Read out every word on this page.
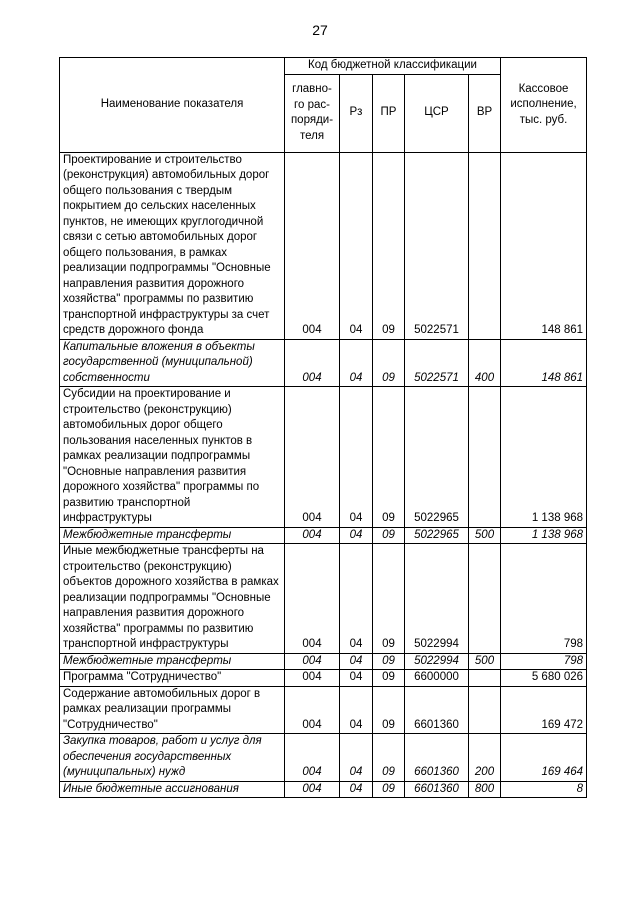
27
Наименование показателя	Код бюджетной классификации					Кассовое исполнение, тыс. руб.
	главно-го рас-поряди-теля	Рз	ПР	ЦСР	ВР	
Проектирование и строительство (реконструкция) автомобильных дорог общего пользования с твердым покрытием до сельских населенных пунктов, не имеющих круглогодичной связи с сетью автомобильных дорог общего пользования, в рамках реализации подпрограммы "Основные направления развития дорожного хозяйства" программы по развитию транспортной инфраструктуры за счет средств дорожного фонда	004	04	09	5022571		148 861
Капитальные вложения в объекты государственной (муниципальной) собственности	004	04	09	5022571	400	148 861
Субсидии на проектирование и строительство (реконструкцию) автомобильных дорог общего пользования населенных пунктов в рамках реализации подпрограммы "Основные направления развития дорожного хозяйства" программы по развитию транспортной инфраструктуры	004	04	09	5022965		1 138 968
Межбюджетные трансферты	004	04	09	5022965	500	1 138 968
Иные межбюджетные трансферты на строительство (реконструкцию) объектов дорожного хозяйства в рамках реализации подпрограммы "Основные направления развития дорожного хозяйства" программы по развитию транспортной инфраструктуры	004	04	09	5022994		798
Межбюджетные трансферты	004	04	09	5022994	500	798
Программа "Сотрудничество"	004	04	09	6600000		5 680 026
Содержание автомобильных дорог в рамках реализации программы "Сотрудничество"	004	04	09	6601360		169 472
Закупка товаров, работ и услуг для обеспечения государственных (муниципальных) нужд	004	04	09	6601360	200	169 464
Иные бюджетные ассигнования	004	04	09	6601360	800	8
